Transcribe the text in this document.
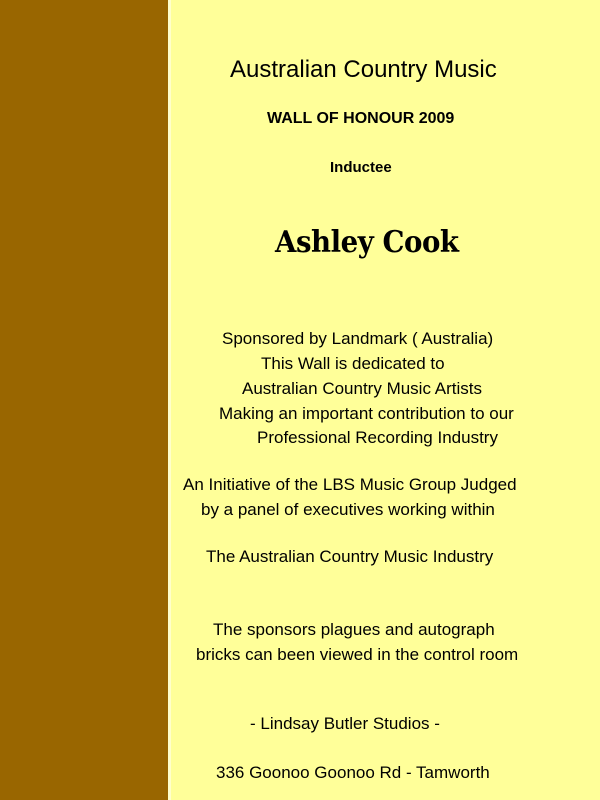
Australian Country Music
WALL OF HONOUR 2009
Inductee
Ashley Cook
Sponsored by Landmark ( Australia)
This Wall is dedicated to
Australian Country Music Artists
Making an important contribution to our
Professional Recording Industry
An Initiative of the LBS Music Group Judged
by a panel of executives working within
The Australian Country Music Industry
The sponsors plagues and autograph
bricks can been viewed in the control room
- Lindsay Butler Studios -
336 Goonoo Goonoo Rd - Tamworth
